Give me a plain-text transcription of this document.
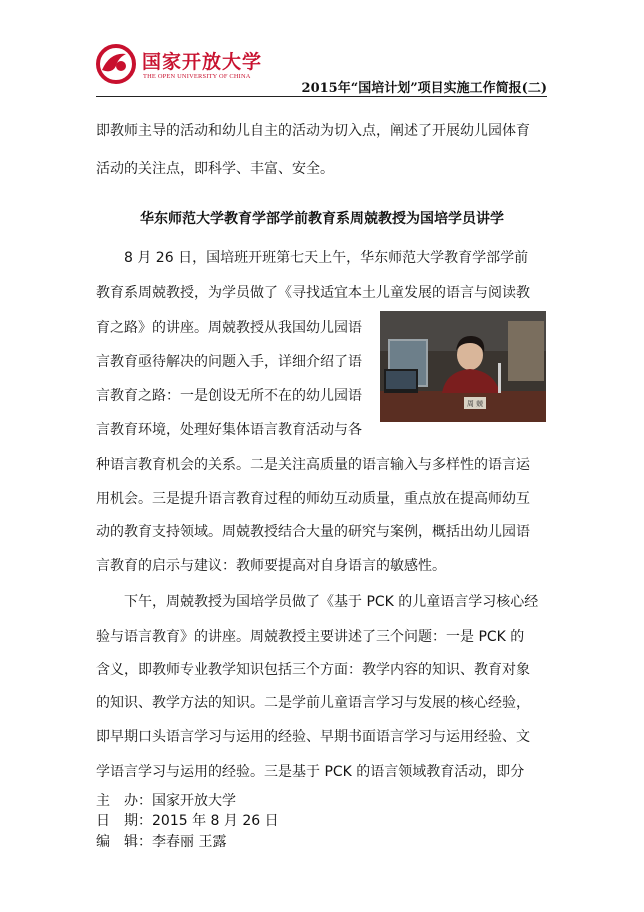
国家开放大学
THE OPEN UNIVERSITY OF CHINA
2015年“国培计划”项目实施工作简报(二)
即教师主导的活动和幼儿自主的活动为切入点，阐述了开展幼儿园体育
活动的关注点，即科学、丰富、安全。
华东师范大学教育学部学前教育系周兢教授为国培学员讲学
　　8 月 26 日，国培班开班第七天上午，华东师范大学教育学部学前
教育系周兢教授，为学员做了《寻找适宜本土儿童发展的语言与阅读教
育之路》的讲座。周兢教授从我国幼儿园语
言教育亟待解决的问题入手，详细介绍了语
言教育之路：一是创设无所不在的幼儿园语
言教育环境，处理好集体语言教育活动与各
种语言教育机会的关系。二是关注高质量的语言输入与多样性的语言运
用机会。三是提升语言教育过程的师幼互动质量，重点放在提高师幼互
动的教育支持领域。周兢教授结合大量的研究与案例，概括出幼儿园语
言教育的启示与建议：教师要提高对自身语言的敏感性。
周 兢
　　下午，周兢教授为国培学员做了《基于 PCK 的儿童语言学习核心经
验与语言教育》的讲座。周兢教授主要讲述了三个问题：一是 PCK 的
含义，即教师专业教学知识包括三个方面：教学内容的知识、教育对象
的知识、教学方法的知识。二是学前儿童语言学习与发展的核心经验，
即早期口头语言学习与运用的经验、早期书面语言学习与运用经验、文
学语言学习与运用的经验。三是基于 PCK 的语言领域教育活动，即分
主　办：国家开放大学
日　期：2015 年 8 月 26 日
编　辑：李春丽 王露
